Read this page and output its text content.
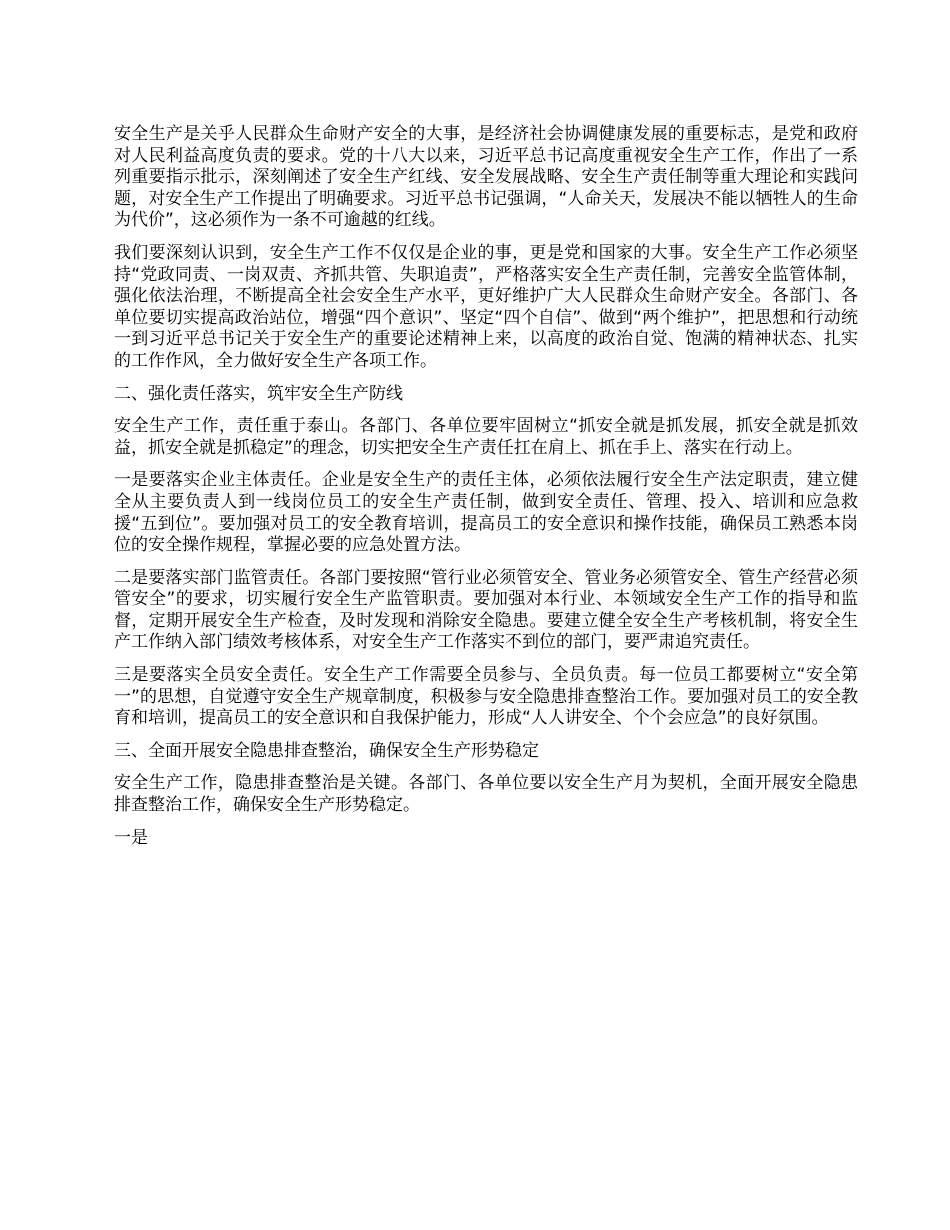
安全生产是关乎人民群众生命财产安全的大事，是经济社会协调健康发展的重要标志，是党和政府对人民利益高度负责的要求。党的十八大以来，习近平总书记高度重视安全生产工作，作出了一系列重要指示批示，深刻阐述了安全生产红线、安全发展战略、安全生产责任制等重大理论和实践问题，对安全生产工作提出了明确要求。习近平总书记强调，“人命关天，发展决不能以牺牲人的生命为代价”，这必须作为一条不可逾越的红线。

我们要深刻认识到，安全生产工作不仅仅是企业的事，更是党和国家的大事。安全生产工作必须坚持“党政同责、一岗双责、齐抓共管、失职追责”，严格落实安全生产责任制，完善安全监管体制，强化依法治理，不断提高全社会安全生产水平，更好维护广大人民群众生命财产安全。各部门、各单位要切实提高政治站位，增强“四个意识”、坚定“四个自信”、做到“两个维护”，把思想和行动统一到习近平总书记关于安全生产的重要论述精神上来，以高度的政治自觉、饱满的精神状态、扎实的工作作风，全力做好安全生产各项工作。

二、强化责任落实，筑牢安全生产防线

安全生产工作，责任重于泰山。各部门、各单位要牢固树立“抓安全就是抓发展，抓安全就是抓效益，抓安全就是抓稳定”的理念，切实把安全生产责任扛在肩上、抓在手上、落实在行动上。

一是要落实企业主体责任。企业是安全生产的责任主体，必须依法履行安全生产法定职责，建立健全从主要负责人到一线岗位员工的安全生产责任制，做到安全责任、管理、投入、培训和应急救援“五到位”。要加强对员工的安全教育培训，提高员工的安全意识和操作技能，确保员工熟悉本岗位的安全操作规程，掌握必要的应急处置方法。

二是要落实部门监管责任。各部门要按照“管行业必须管安全、管业务必须管安全、管生产经营必须管安全”的要求，切实履行安全生产监管职责。要加强对本行业、本领域安全生产工作的指导和监督，定期开展安全生产检查，及时发现和消除安全隐患。要建立健全安全生产考核机制，将安全生产工作纳入部门绩效考核体系，对安全生产工作落实不到位的部门，要严肃追究责任。

三是要落实全员安全责任。安全生产工作需要全员参与、全员负责。每一位员工都要树立“安全第一”的思想，自觉遵守安全生产规章制度，积极参与安全隐患排查整治工作。要加强对员工的安全教育和培训，提高员工的安全意识和自我保护能力，形成“人人讲安全、个个会应急”的良好氛围。

三、全面开展安全隐患排查整治，确保安全生产形势稳定

安全生产工作，隐患排查整治是关键。各部门、各单位要以安全生产月为契机，全面开展安全隐患排查整治工作，确保安全生产形势稳定。

一是
